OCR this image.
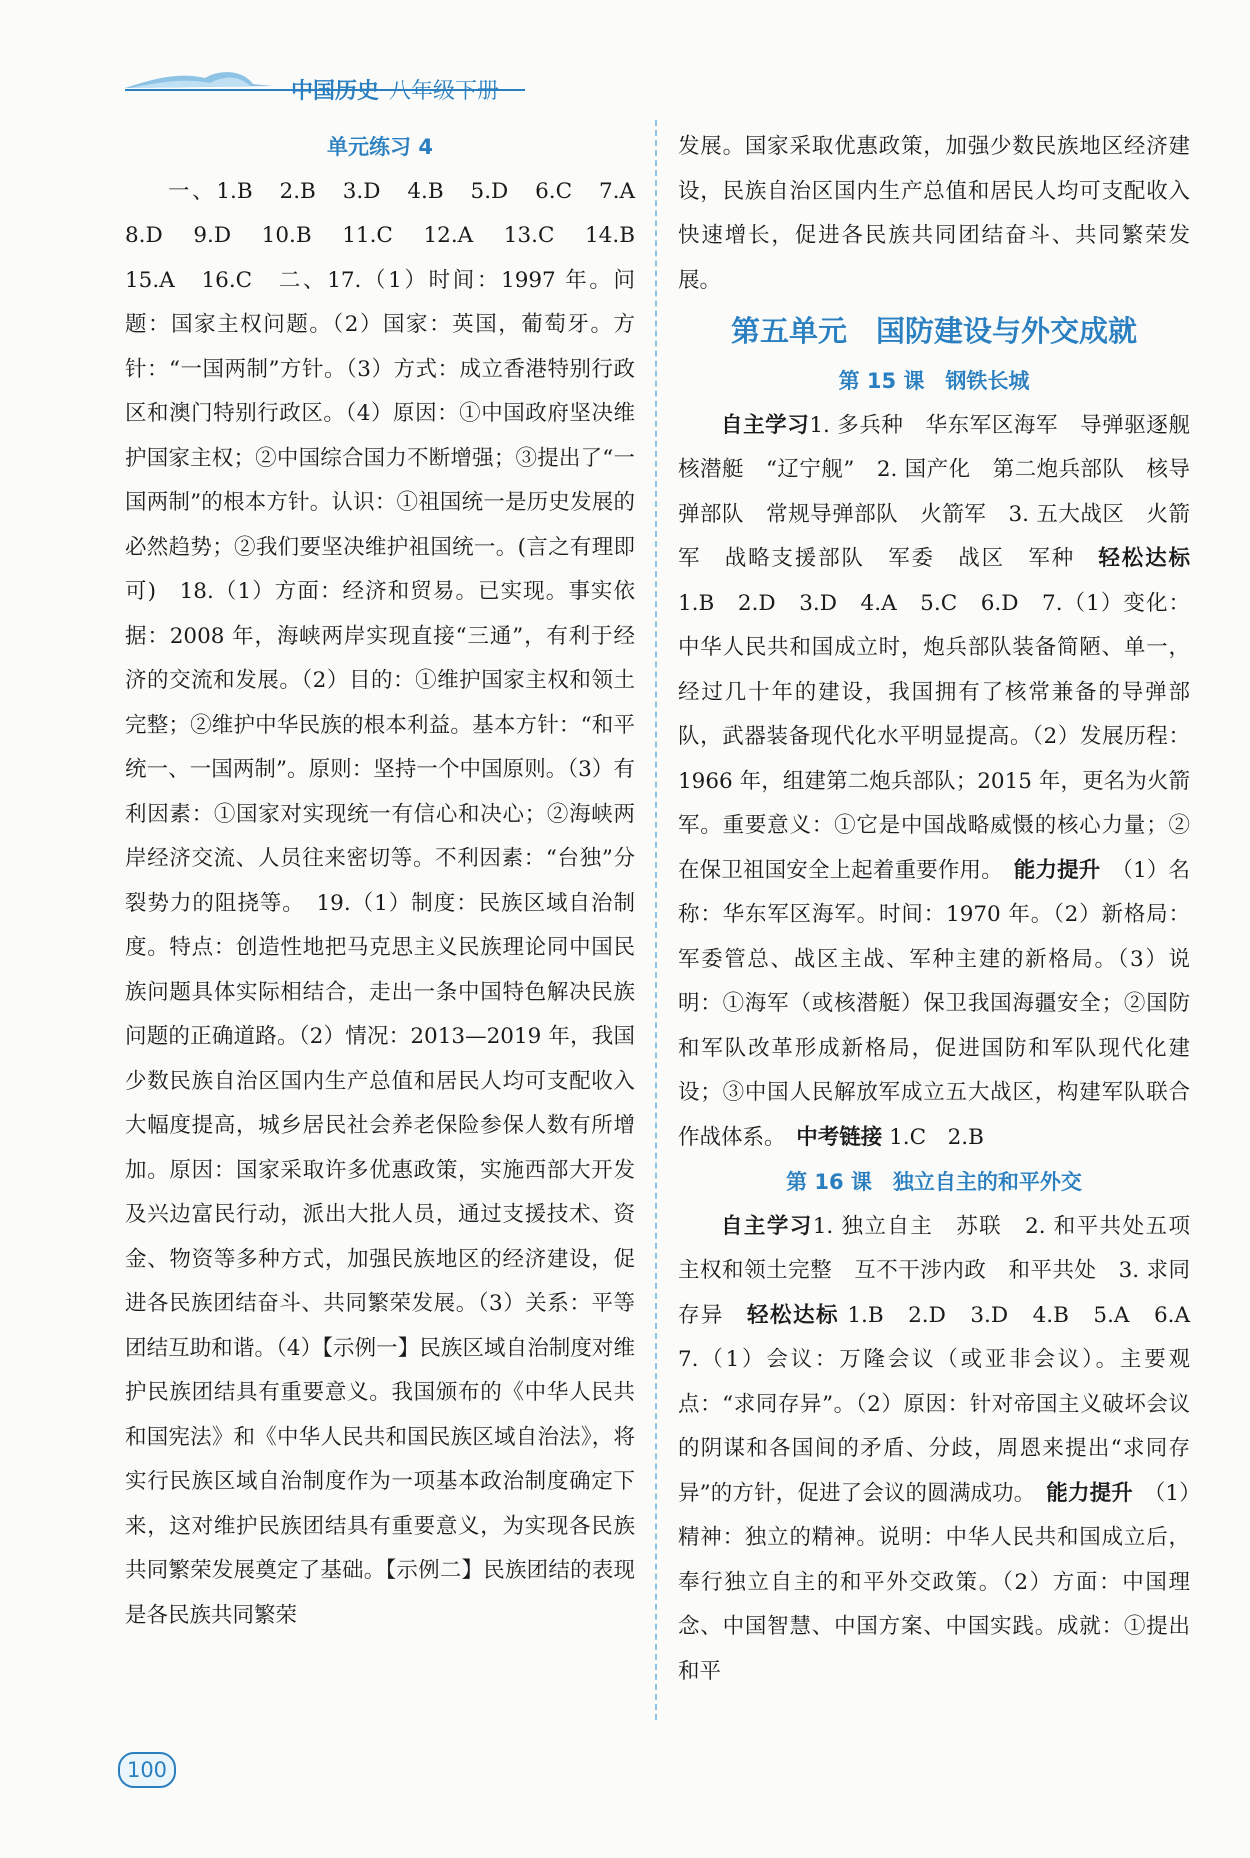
中国历史 八年级下册

单元练习 4

一、1.B　2.B　3.D　4.B　5.D　6.C　7.A　8.D　9.D　10.B　11.C　12.A　13.C　14.B　15.A　16.C　二、17.（1）时间：1997 年。问题：国家主权问题。（2）国家：英国，葡萄牙。方针：“一国两制”方针。（3）方式：成立香港特别行政区和澳门特别行政区。（4）原因：①中国政府坚决维护国家主权；②中国综合国力不断增强；③提出了“一国两制”的根本方针。认识：①祖国统一是历史发展的必然趋势；②我们要坚决维护祖国统一。(言之有理即可)　18.（1）方面：经济和贸易。已实现。事实依据：2008 年，海峡两岸实现直接“三通”，有利于经济的交流和发展。（2）目的：①维护国家主权和领土完整；②维护中华民族的根本利益。基本方针：“和平统一、一国两制”。原则：坚持一个中国原则。（3）有利因素：①国家对实现统一有信心和决心；②海峡两岸经济交流、人员往来密切等。不利因素：“台独”分裂势力的阻挠等。　19.（1）制度：民族区域自治制度。特点：创造性地把马克思主义民族理论同中国民族问题具体实际相结合，走出一条中国特色解决民族问题的正确道路。（2）情况：2013—2019 年，我国少数民族自治区国内生产总值和居民人均可支配收入大幅度提高，城乡居民社会养老保险参保人数有所增加。原因：国家采取许多优惠政策，实施西部大开发及兴边富民行动，派出大批人员，通过支援技术、资金、物资等多种方式，加强民族地区的经济建设，促进各民族团结奋斗、共同繁荣发展。（3）关系：平等团结互助和谐。（4）【示例一】民族区域自治制度对维护民族团结具有重要意义。我国颁布的《中华人民共和国宪法》和《中华人民共和国民族区域自治法》，将实行民族区域自治制度作为一项基本政治制度确定下来，这对维护民族团结具有重要意义，为实现各民族共同繁荣发展奠定了基础。【示例二】民族团结的表现是各民族共同繁荣

发展。国家采取优惠政策，加强少数民族地区经济建设，民族自治区国内生产总值和居民人均可支配收入快速增长，促进各民族共同团结奋斗、共同繁荣发展。

第五单元　国防建设与外交成就

第 15 课　钢铁长城

自主学习1. 多兵种　华东军区海军　导弹驱逐舰　核潜艇　“辽宁舰”　2. 国产化　第二炮兵部队　核导弹部队　常规导弹部队　火箭军　3. 五大战区　火箭军　战略支援部队　军委　战区　军种　轻松达标 1.B　2.D　3.D　4.A　5.C　6.D　7.（1）变化：中华人民共和国成立时，炮兵部队装备简陋、单一，经过几十年的建设，我国拥有了核常兼备的导弹部队，武器装备现代化水平明显提高。（2）发展历程：1966 年，组建第二炮兵部队；2015 年，更名为火箭军。重要意义：①它是中国战略威慑的核心力量；②在保卫祖国安全上起着重要作用。　能力提升　（1）名称：华东军区海军。时间：1970 年。（2）新格局：军委管总、战区主战、军种主建的新格局。（3）说明：①海军（或核潜艇）保卫我国海疆安全；②国防和军队改革形成新格局，促进国防和军队现代化建设；③中国人民解放军成立五大战区，构建军队联合作战体系。　中考链接 1.C　2.B

第 16 课　独立自主的和平外交

自主学习1. 独立自主　苏联　2. 和平共处五项　主权和领土完整　互不干涉内政　和平共处　3. 求同存异　轻松达标 1.B　2.D　3.D　4.B　5.A　6.A　7.（1）会议：万隆会议（或亚非会议）。主要观点：“求同存异”。（2）原因：针对帝国主义破坏会议的阴谋和各国间的矛盾、分歧，周恩来提出“求同存异”的方针，促进了会议的圆满成功。　能力提升　（1）精神：独立的精神。说明：中华人民共和国成立后，奉行独立自主的和平外交政策。（2）方面：中国理念、中国智慧、中国方案、中国实践。成就：①提出和平

100
